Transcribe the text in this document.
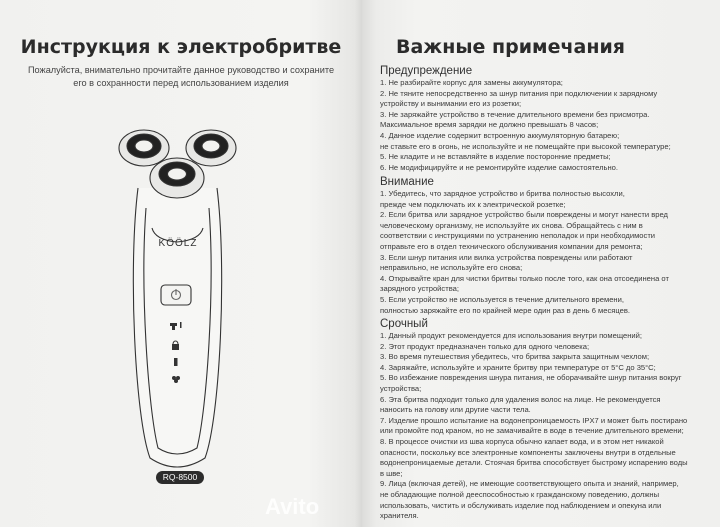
Инструкция к электробритве
Пожалуйста, внимательно прочитайте данное руководство и сохраните
его в сохранности перед использованием изделия
KÖÖLZ
RQ-8500
Важные примечания
Предупреждение
1. Не разбирайте корпус для замены аккумулятора;
2. Не тяните непосредственно за шнур питания при подключении к зарядному
устройству и вынимании его из розетки;
3. Не заряжайте устройство в течение длительного времени без присмотра.
Максимальное время зарядки не должно превышать 8 часов;
4. Данное изделие содержит встроенную аккумуляторную батарею;
не ставьте его в огонь, не используйте и не помещайте при высокой температуре;
5. Не кладите и не вставляйте в изделие посторонние предметы;
6. Не модифицируйте и не ремонтируйте изделие самостоятельно.
Внимание
1. Убедитесь, что зарядное устройство и бритва полностью высохли,
прежде чем подключать их к электрической розетке;
2. Если бритва или зарядное устройство были повреждены и могут нанести вред
человеческому организму, не используйте их снова. Обращайтесь с ним в
соответствии с инструкциями по устранению неполадок и при необходимости
отправьте его в отдел технического обслуживания компании для ремонта;
3. Если шнур питания или вилка устройства повреждены или работают
неправильно, не используйте его снова;
4. Открывайте кран для чистки бритвы только после того, как она отсоединена от
зарядного устройства;
5. Если устройство не используется в течение длительного времени,
полностью заряжайте его по крайней мере один раз в день 6 месяцев.
Срочный
1. Данный продукт рекомендуется для использования внутри помещений;
2. Этот продукт предназначен только для одного человека;
3. Во время путешествия убедитесь, что бритва закрыта защитным чехлом;
4. Заряжайте, используйте и храните бритву при температуре от 5°C до 35°C;
5. Во избежание повреждения шнура питания, не оборачивайте шнур питания вокруг
устройства;
6. Эта бритва подходит только для удаления волос на лице. Не рекомендуется
наносить на голову или другие части тела.
7. Изделие прошло испытание на водонепроницаемость IPX7 и может быть постирано
или промойте под краном, но не замачивайте в воде в течение длительного времени;
8. В процессе очистки из шва корпуса обычно капает вода, и в этом нет никакой
опасности, поскольку все электронные компоненты заключены внутри в отдельные
водонепроницаемые детали. Стоячая бритва способствует быстрому испарению воды
в шве;
9. Лица (включая детей), не имеющие соответствующего опыта и знаний, например,
не обладающие полной дееспособностью к гражданскому поведению, должны
использовать, чистить и обслуживать изделие под наблюдением и опекуна или
хранителя.
Avito
